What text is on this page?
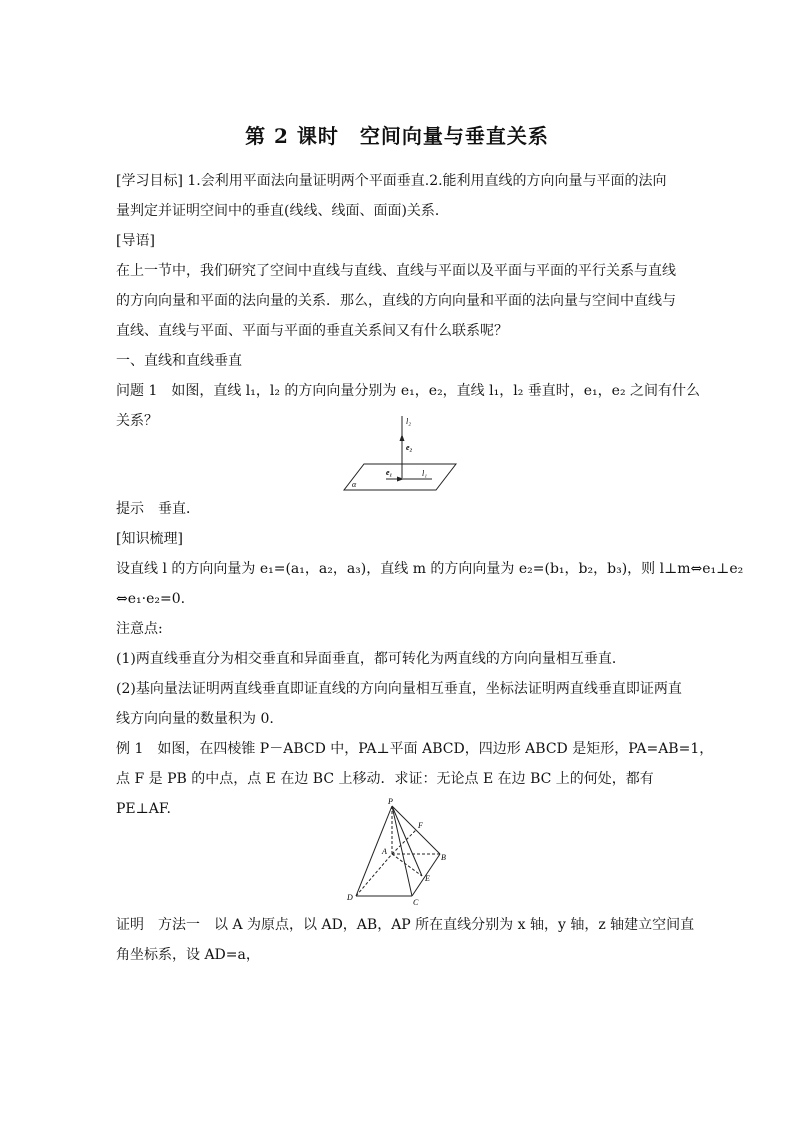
第 2 课时　空间向量与垂直关系
[学习目标] 1.会利用平面法向量证明两个平面垂直.2.能利用直线的方向向量与平面的法向
量判定并证明空间中的垂直(线线、线面、面面)关系．
[导语]
在上一节中，我们研究了空间中直线与直线、直线与平面以及平面与平面的平行关系与直线
的方向向量和平面的法向量的关系．那么，直线的方向向量和平面的法向量与空间中直线与
直线、直线与平面、平面与平面的垂直关系间又有什么联系呢？
一、直线和直线垂直
问题 1　如图，直线 l₁，l₂ 的方向向量分别为 e₁，e₂，直线 l₁，l₂ 垂直时，e₁，e₂ 之间有什么
关系？	l₂
e₂
e₁	l₁
α
提示　垂直．
[知识梳理]
设直线 l 的方向向量为 e₁=(a₁，a₂，a₃)，直线 m 的方向向量为 e₂=(b₁，b₂，b₃)，则 l⊥m⇔e₁⊥e₂
⇔e₁·e₂=0.
注意点:
(1)两直线垂直分为相交垂直和异面垂直，都可转化为两直线的方向向量相互垂直．
(2)基向量法证明两直线垂直即证直线的方向向量相互垂直，坐标法证明两直线垂直即证两直
线方向向量的数量积为 0.
例 1　如图，在四棱锥 P－ABCD 中，PA⊥平面 ABCD，四边形 ABCD 是矩形，PA=AB=1，
点 F 是 PB 的中点，点 E 在边 BC 上移动．求证：无论点 E 在边 BC 上的何处，都有
PE⊥AF.	P
F
A
B
E
D
C
证明　方法一　以 A 为原点，以 AD，AB，AP 所在直线分别为 x 轴，y 轴，z 轴建立空间直
角坐标系，设 AD=a，
